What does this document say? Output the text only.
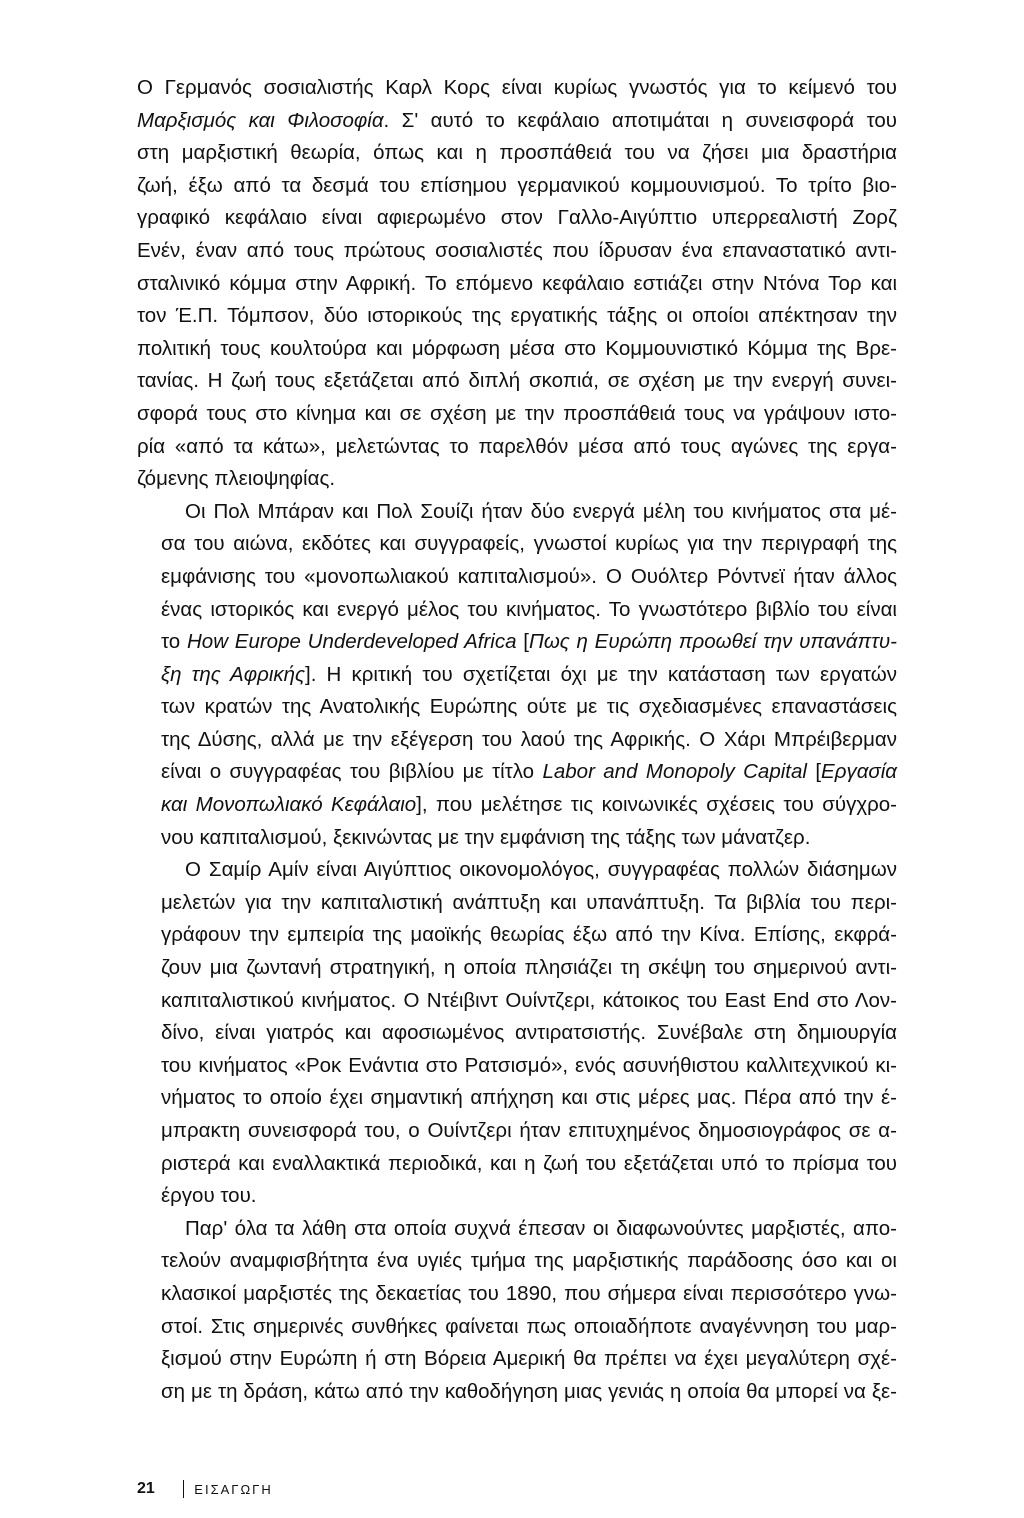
Ο Γερμανός σοσιαλιστής Καρλ Κορς είναι κυρίως γνωστός για το κείμενό του
Μαρξισμός και Φιλοσοφία. Σ' αυτό το κεφάλαιο αποτιμάται η συνεισφορά του
στη μαρξιστική θεωρία, όπως και η προσπάθειά του να ζήσει μια δραστήρια
ζωή, έξω από τα δεσμά του επίσημου γερμανικού κομμουνισμού. Το τρίτο βιο-
γραφικό κεφάλαιο είναι αφιερωμένο στον Γαλλο-Αιγύπτιο υπερρεαλιστή Ζορζ
Ενέν, έναν από τους πρώτους σοσιαλιστές που ίδρυσαν ένα επαναστατικό αντι-
σταλινικό κόμμα στην Αφρική. Το επόμενο κεφάλαιο εστιάζει στην Ντόνα Τορ και
τον Έ.Π. Τόμπσον, δύο ιστορικούς της εργατικής τάξης οι οποίοι απέκτησαν την
πολιτική τους κουλτούρα και μόρφωση μέσα στο Κομμουνιστικό Κόμμα της Βρε-
τανίας. Η ζωή τους εξετάζεται από διπλή σκοπιά, σε σχέση με την ενεργή συνει-
σφορά τους στο κίνημα και σε σχέση με την προσπάθειά τους να γράψουν ιστο-
ρία «από τα κάτω», μελετώντας το παρελθόν μέσα από τους αγώνες της εργα-
ζόμενης πλειοψηφίας.

Οι Πολ Μπάραν και Πολ Σουίζι ήταν δύο ενεργά μέλη του κινήματος στα μέ-
σα του αιώνα, εκδότες και συγγραφείς, γνωστοί κυρίως για την περιγραφή της
εμφάνισης του «μονοπωλιακού καπιταλισμού». Ο Ουόλτερ Ρόντνεϊ ήταν άλλος
ένας ιστορικός και ενεργό μέλος του κινήματος. Το γνωστότερο βιβλίο του είναι
το How Europe Underdeveloped Africa [Πως η Ευρώπη προωθεί την υπανάπτυ-
ξη της Αφρικής]. Η κριτική του σχετίζεται όχι με την κατάσταση των εργατών
των κρατών της Ανατολικής Ευρώπης ούτε με τις σχεδιασμένες επαναστάσεις
της Δύσης, αλλά με την εξέγερση του λαού της Αφρικής. Ο Χάρι Μπρέιβερμαν
είναι ο συγγραφέας του βιβλίου με τίτλο Labor and Monopoly Capital [Εργασία
και Μονοπωλιακό Κεφάλαιο], που μελέτησε τις κοινωνικές σχέσεις του σύγχρο-
νου καπιταλισμού, ξεκινώντας με την εμφάνιση της τάξης των μάνατζερ.

Ο Σαμίρ Αμίν είναι Αιγύπτιος οικονομολόγος, συγγραφέας πολλών διάσημων
μελετών για την καπιταλιστική ανάπτυξη και υπανάπτυξη. Τα βιβλία του περι-
γράφουν την εμπειρία της μαοϊκής θεωρίας έξω από την Κίνα. Επίσης, εκφρά-
ζουν μια ζωντανή στρατηγική, η οποία πλησιάζει τη σκέψη του σημερινού αντι-
καπιταλιστικού κινήματος. Ο Ντέιβιντ Ουίντζερι, κάτοικος του East End στο Λον-
δίνο, είναι γιατρός και αφοσιωμένος αντιρατσιστής. Συνέβαλε στη δημιουργία
του κινήματος «Ροκ Ενάντια στο Ρατσισμό», ενός ασυνήθιστου καλλιτεχνικού κι-
νήματος το οποίο έχει σημαντική απήχηση και στις μέρες μας. Πέρα από την έ-
μπρακτη συνεισφορά του, ο Ουίντζερι ήταν επιτυχημένος δημοσιογράφος σε α-
ριστερά και εναλλακτικά περιοδικά, και η ζωή του εξετάζεται υπό το πρίσμα του
έργου του.

Παρ' όλα τα λάθη στα οποία συχνά έπεσαν οι διαφωνούντες μαρξιστές, απο-
τελούν αναμφισβήτητα ένα υγιές τμήμα της μαρξιστικής παράδοσης όσο και οι
κλασικοί μαρξιστές της δεκαετίας του 1890, που σήμερα είναι περισσότερο γνω-
στοί. Στις σημερινές συνθήκες φαίνεται πως οποιαδήποτε αναγέννηση του μαρ-
ξισμού στην Ευρώπη ή στη Βόρεια Αμερική θα πρέπει να έχει μεγαλύτερη σχέ-
ση με τη δράση, κάτω από την καθοδήγηση μιας γενιάς η οποία θα μπορεί να ξε-

21	ΕΙΣΑΓΩΓΗ
